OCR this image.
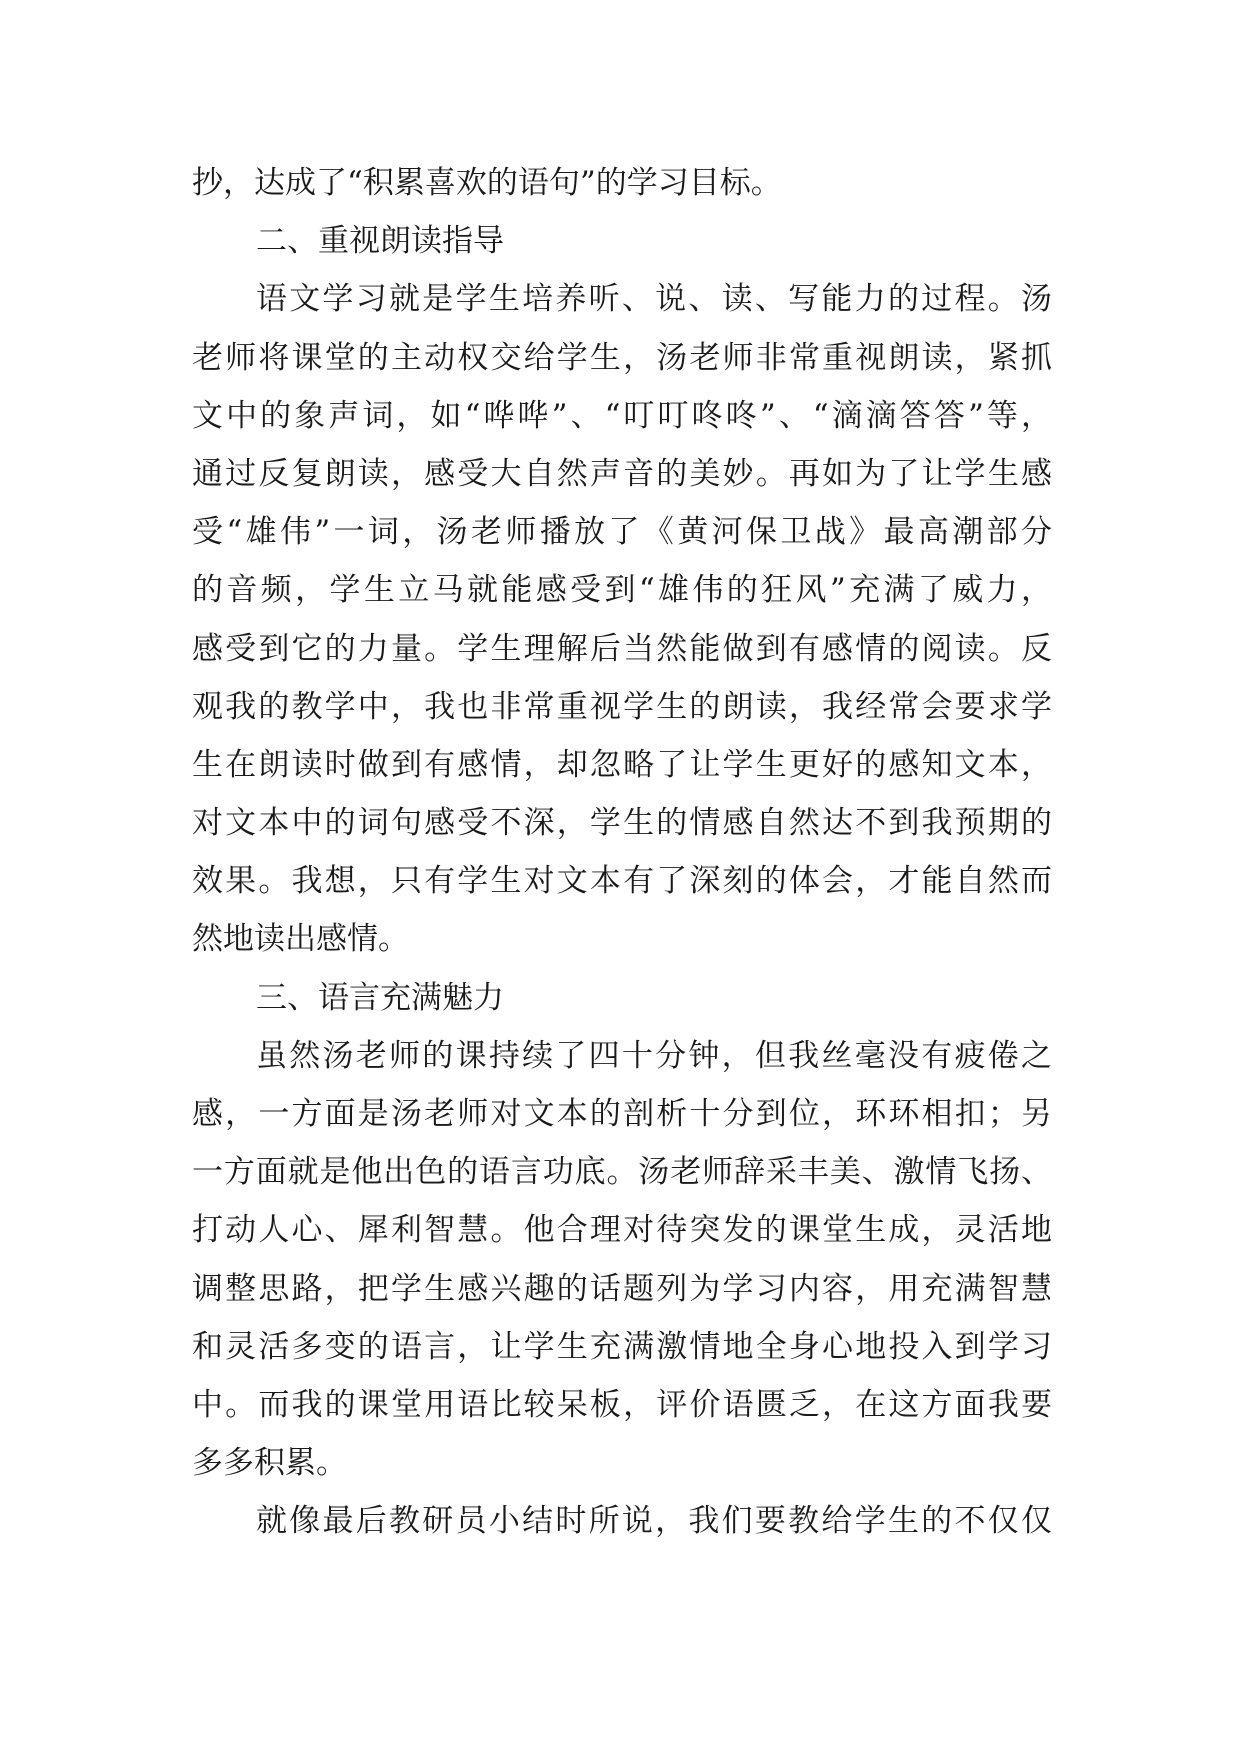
抄，达成了“积累喜欢的语句”的学习目标。
二、重视朗读指导
语文学习就是学生培养听、说、读、写能力的过程。汤
老师将课堂的主动权交给学生，汤老师非常重视朗读，紧抓
文中的象声词，如“哗哗”、“叮叮咚咚”、“滴滴答答”等，
通过反复朗读，感受大自然声音的美妙。再如为了让学生感
受“雄伟”一词，汤老师播放了《黄河保卫战》最高潮部分
的音频，学生立马就能感受到“雄伟的狂风”充满了威力，
感受到它的力量。学生理解后当然能做到有感情的阅读。反
观我的教学中，我也非常重视学生的朗读，我经常会要求学
生在朗读时做到有感情，却忽略了让学生更好的感知文本，
对文本中的词句感受不深，学生的情感自然达不到我预期的
效果。我想，只有学生对文本有了深刻的体会，才能自然而
然地读出感情。
三、语言充满魅力
虽然汤老师的课持续了四十分钟，但我丝毫没有疲倦之
感，一方面是汤老师对文本的剖析十分到位，环环相扣；另
一方面就是他出色的语言功底。汤老师辞采丰美、激情飞扬、
打动人心、犀利智慧。他合理对待突发的课堂生成，灵活地
调整思路，把学生感兴趣的话题列为学习内容，用充满智慧
和灵活多变的语言，让学生充满激情地全身心地投入到学习
中。而我的课堂用语比较呆板，评价语匮乏，在这方面我要
多多积累。
就像最后教研员小结时所说，我们要教给学生的不仅仅
